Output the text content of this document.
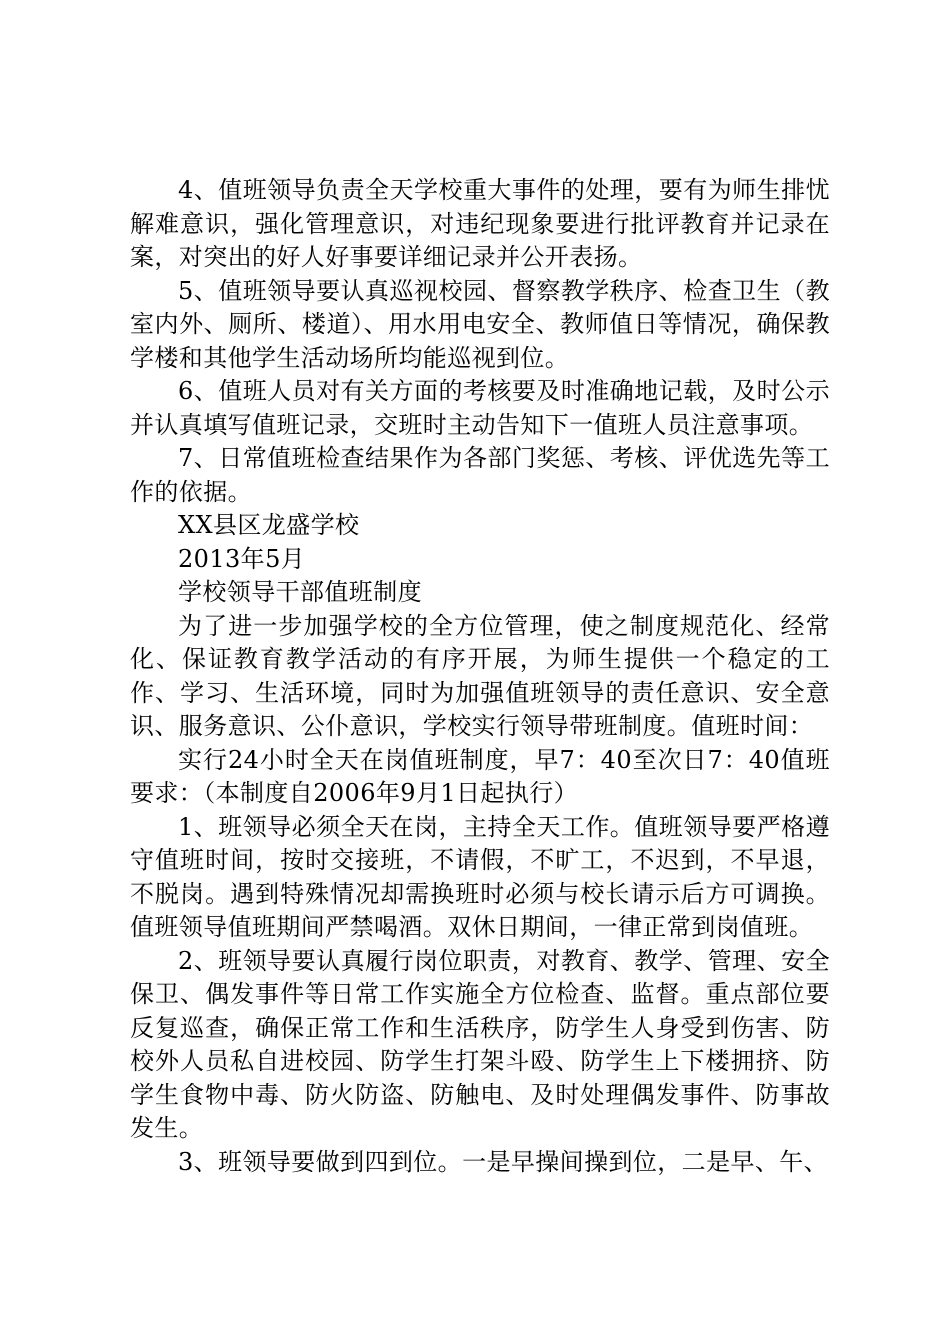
4、值班领导负责全天学校重大事件的处理，要有为师生排忧解难意识，强化管理意识，对违纪现象要进行批评教育并记录在案，对突出的好人好事要详细记录并公开表扬。

5、值班领导要认真巡视校园、督察教学秩序、检查卫生（教室内外、厕所、楼道）、用水用电安全、教师值日等情况，确保教学楼和其他学生活动场所均能巡视到位。

6、值班人员对有关方面的考核要及时准确地记载，及时公示并认真填写值班记录，交班时主动告知下一值班人员注意事项。

7、日常值班检查结果作为各部门奖惩、考核、评优选先等工作的依据。

XX县区龙盛学校

2013年5月

学校领导干部值班制度

为了进一步加强学校的全方位管理，使之制度规范化、经常化、保证教育教学活动的有序开展，为师生提供一个稳定的工作、学习、生活环境，同时为加强值班领导的责任意识、安全意识、服务意识、公仆意识，学校实行领导带班制度。值班时间：

实行24小时全天在岗值班制度，早7：40至次日7：40值班要求：（本制度自2006年9月1日起执行）

1、班领导必须全天在岗，主持全天工作。值班领导要严格遵守值班时间，按时交接班，不请假，不旷工，不迟到，不早退，不脱岗。遇到特殊情况却需换班时必须与校长请示后方可调换。值班领导值班期间严禁喝酒。双休日期间，一律正常到岗值班。

2、班领导要认真履行岗位职责，对教育、教学、管理、安全保卫、偶发事件等日常工作实施全方位检查、监督。重点部位要反复巡查，确保正常工作和生活秩序，防学生人身受到伤害、防校外人员私自进校园、防学生打架斗殴、防学生上下楼拥挤、防学生食物中毒、防火防盗、防触电、及时处理偶发事件、防事故发生。

3、班领导要做到四到位。一是早操间操到位，二是早、午、
